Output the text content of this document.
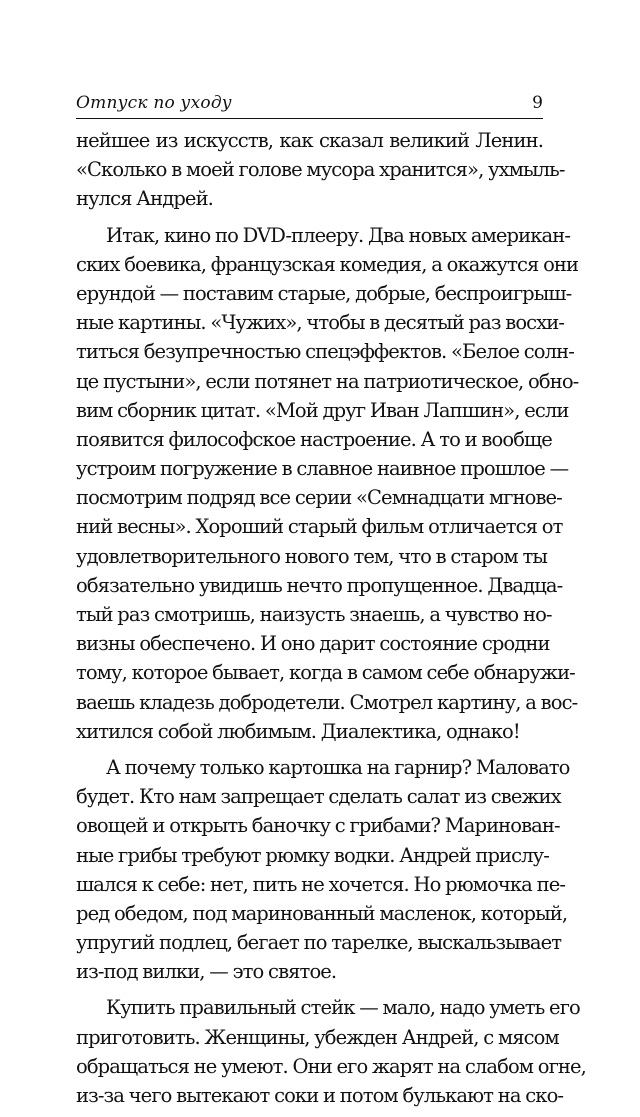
Отпуск по уходу	9
нейшее из искусств, как сказал великий Ленин.
«Сколько в моей голове мусора хранится», ухмыль-
нулся Андрей.
Итак, кино по DVD-плееру. Два новых американ-
ских боевика, французская комедия, а окажутся они
ерундой — поставим старые, добрые, беспроигрыш-
ные картины. «Чужих», чтобы в десятый раз восхи-
титься безупречностью спецэффектов. «Белое солн-
це пустыни», если потянет на патриотическое, обно-
вим сборник цитат. «Мой друг Иван Лапшин», если
появится философское настроение. А то и вообще
устроим погружение в славное наивное прошлое —
посмотрим подряд все серии «Семнадцати мгнове-
ний весны». Хороший старый фильм отличается от
удовлетворительного нового тем, что в старом ты
обязательно увидишь нечто пропущенное. Двадца-
тый раз смотришь, наизусть знаешь, а чувство но-
визны обеспечено. И оно дарит состояние сродни
тому, которое бывает, когда в самом себе обнаружи-
ваешь кладезь добродетели. Смотрел картину, а вос-
хитился собой любимым. Диалектика, однако!
А почему только картошка на гарнир? Маловато
будет. Кто нам запрещает сделать салат из свежих
овощей и открыть баночку с грибами? Маринован-
ные грибы требуют рюмку водки. Андрей прислу-
шался к себе: нет, пить не хочется. Но рюмочка пе-
ред обедом, под маринованный масленок, который,
упругий подлец, бегает по тарелке, выскальзывает
из-под вилки, — это святое.
Купить правильный стейк — мало, надо уметь его
приготовить. Женщины, убежден Андрей, с мясом
обращаться не умеют. Они его жарят на слабом огне,
из-за чего вытекают соки и потом булькают на ско-
